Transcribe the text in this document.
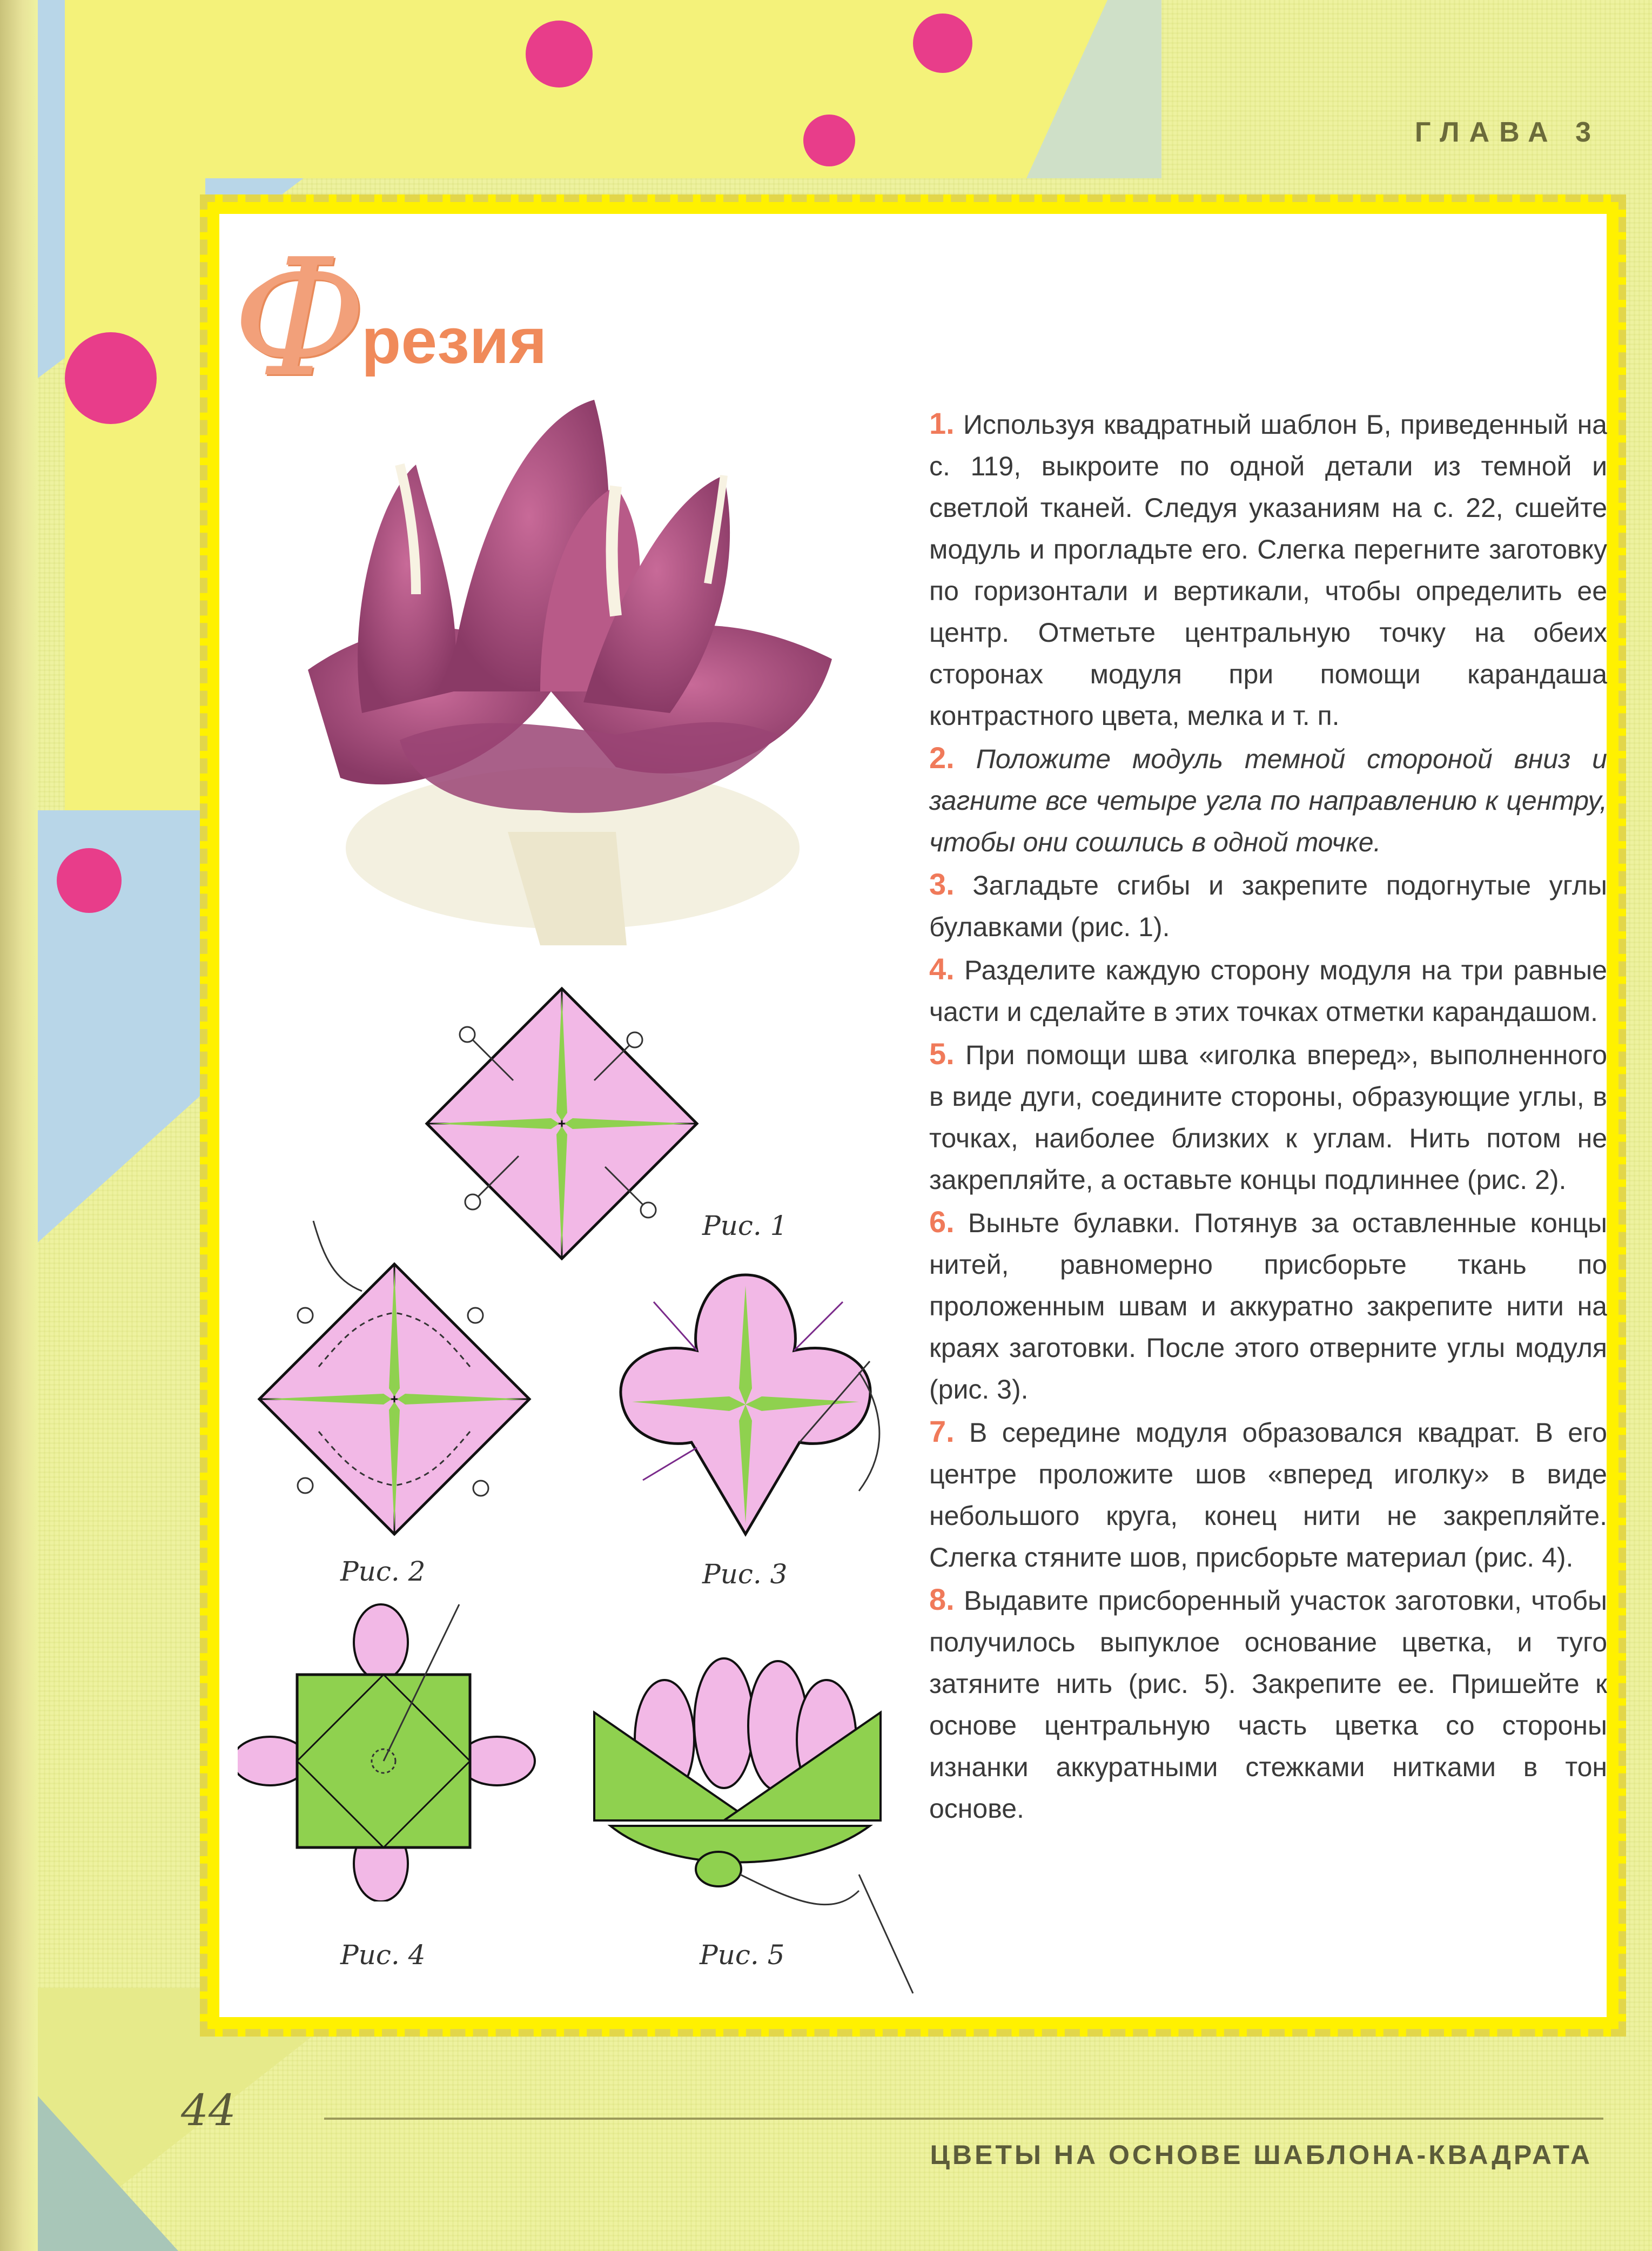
ГЛАВА 3
Ф
резия
Рис. 1
Рис. 2	Рис. 3
Рис. 4	Рис. 5

1. Используя квадратный шаблон Б, приведенный на с. 119, выкроите по одной детали из темной и светлой тканей. Следуя указаниям на с. 22, сшейте модуль и прогладьте его. Слегка перегните заготовку по горизонтали и вертикали, чтобы определить ее центр. Отметьте центральную точку на обеих сторонах модуля при помощи карандаша контрастного цвета, мелка и т. п.

2. Положите модуль темной стороной вниз и загните все четыре угла по направлению к центру, чтобы они сошлись в одной точке.

3. Загладьте сгибы и закрепите подогнутые углы булавками (рис. 1).

4. Разделите каждую сторону модуля на три равные части и сделайте в этих точках отметки карандашом.

5. При помощи шва «иголка вперед», выполненного в виде дуги, соедините стороны, образующие углы, в точках, наиболее близких к углам. Нить потом не закрепляйте, а оставьте концы подлиннее (рис. 2).

6. Выньте булавки. Потянув за оставленные концы нитей, равномерно присборьте ткань по проложенным швам и аккуратно закрепите нити на краях заготовки. После этого отверните углы модуля (рис. 3).

7. В середине модуля образовался квадрат. В его центре проложите шов «вперед иголку» в виде небольшого круга, конец нити не закрепляйте. Слегка стяните шов, присборьте материал (рис. 4).

8. Выдавите присборенный участок заготовки, чтобы получилось выпуклое основание цветка, и туго затяните нить (рис. 5). Закрепите ее. Пришейте к основе центральную часть цветка со стороны изнанки аккуратными стежками нитками в тон основе.

44
ЦВЕТЫ НА ОСНОВЕ ШАБЛОНА-КВАДРАТА
